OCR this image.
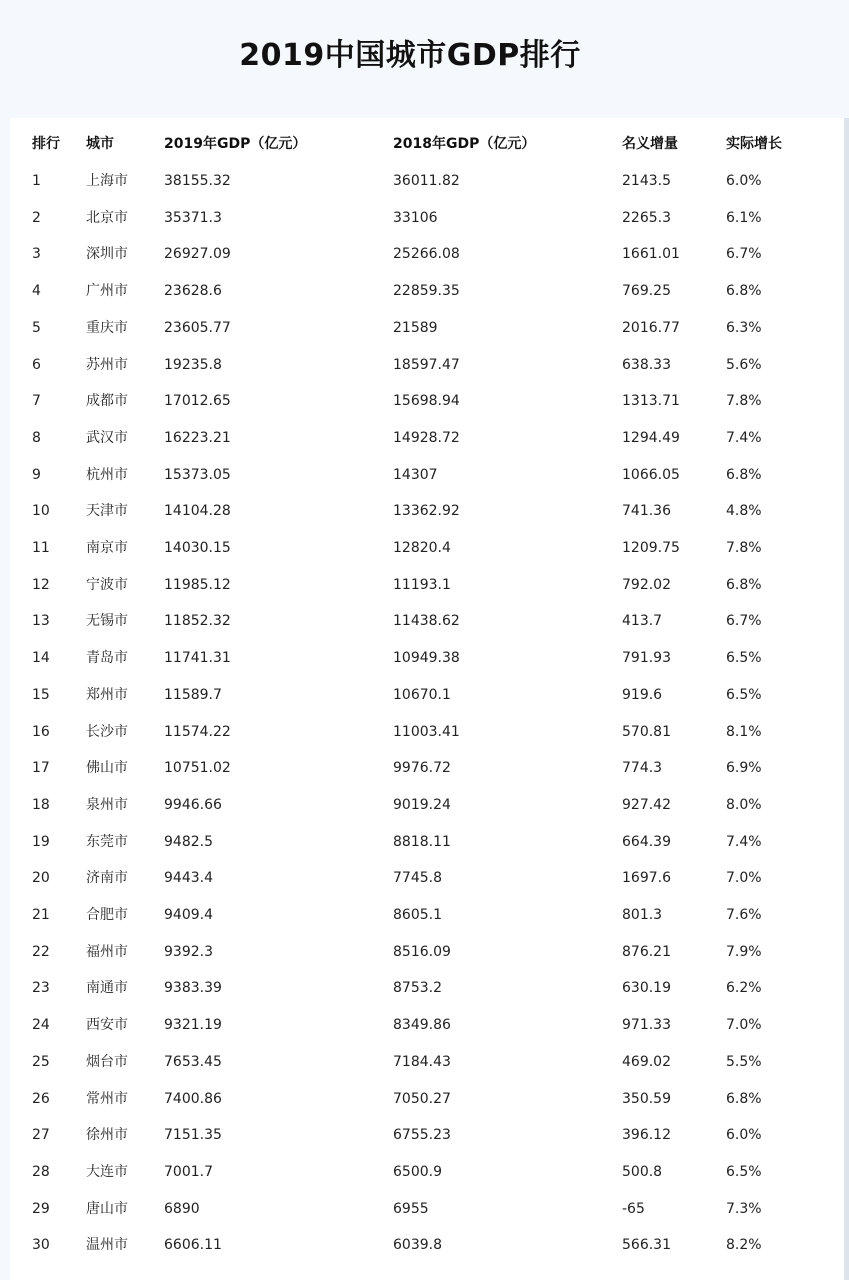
2019中国城市GDP排行
排行 城市	2019年GDP（亿元）	2018年GDP（亿元）	名义增量	实际增长
1	上海市	38155.32	36011.82	2143.5	6.0%
2	北京市	35371.3	33106	2265.3	6.1%
3	深圳市	26927.09	25266.08	1661.01	6.7%
4	广州市	23628.6	22859.35	769.25	6.8%
5	重庆市	23605.77	21589	2016.77	6.3%
6	苏州市	19235.8	18597.47	638.33	5.6%
7	成都市	17012.65	15698.94	1313.71	7.8%
8	武汉市	16223.21	14928.72	1294.49	7.4%
9	杭州市	15373.05	14307	1066.05	6.8%
10	天津市	14104.28	13362.92	741.36	4.8%
11	南京市	14030.15	12820.4	1209.75	7.8%
12	宁波市	11985.12	11193.1	792.02	6.8%
13	无锡市	11852.32	11438.62	413.7	6.7%
14	青岛市	11741.31	10949.38	791.93	6.5%
15	郑州市	11589.7	10670.1	919.6	6.5%
16	长沙市	11574.22	11003.41	570.81	8.1%
17	佛山市	10751.02	9976.72	774.3	6.9%
18	泉州市	9946.66	9019.24	927.42	8.0%
19	东莞市	9482.5	8818.11	664.39	7.4%
20	济南市	9443.4	7745.8	1697.6	7.0%
21	合肥市	9409.4	8605.1	801.3	7.6%
22	福州市	9392.3	8516.09	876.21	7.9%
23	南通市	9383.39	8753.2	630.19	6.2%
24	西安市	9321.19	8349.86	971.33	7.0%
25	烟台市	7653.45	7184.43	469.02	5.5%
26	常州市	7400.86	7050.27	350.59	6.8%
27	徐州市	7151.35	6755.23	396.12	6.0%
28	大连市	7001.7	6500.9	500.8	6.5%
29	唐山市	6890	6955	-65	7.3%
30	温州市	6606.11	6039.8	566.31	8.2%
